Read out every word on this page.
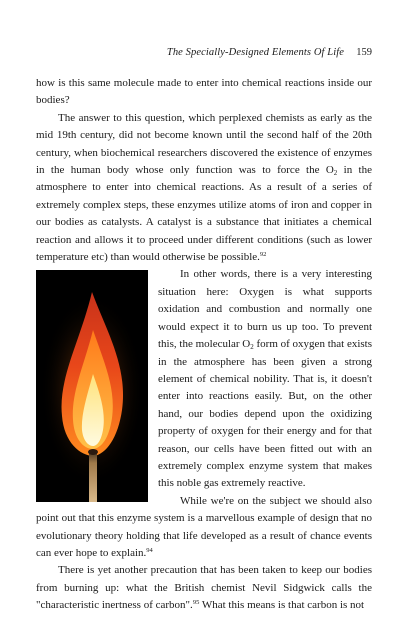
The Specially-Designed Elements Of Life 159

how is this same molecule made to enter into chemical reactions inside our bodies?

The answer to this question, which perplexed chemists as early as the mid 19th century, did not become known until the second half of the 20th century, when biochemical researchers discovered the existence of enzymes in the human body whose only function was to force the $O_2$ in the atmosphere to enter into chemical reactions. As a result of a series of extremely complex steps, these enzymes utilize atoms of iron and copper in our bodies as catalysts. A catalyst is a substance that initiates a chemical reaction and allows it to proceed under different conditions (such as lower temperature etc) than would otherwise be possible.$^{92}$

In other words, there is a very interesting situation here: Oxygen is what supports oxidation and combustion and normally one would expect it to burn us up too. To prevent this, the molecular $O_2$ form of oxygen that exists in the atmosphere has been given a strong element of chemical nobility. That is, it doesn't enter into reactions easily. But, on the other hand, our bodies depend upon the oxidizing property of oxygen for their energy and for that reason, our cells have been fitted out with an extremely complex enzyme system that makes this noble gas extremely reactive.

While we're on the subject we should also point out that this enzyme system is a marvellous example of design that no evolutionary theory holding that life developed as a result of chance events can ever hope to explain.$^{94}$

There is yet another precaution that has been taken to keep our bodies from burning up: what the British chemist Nevil Sidgwick calls the "characteristic inertness of carbon".$^{95}$ What this means is that carbon is not
